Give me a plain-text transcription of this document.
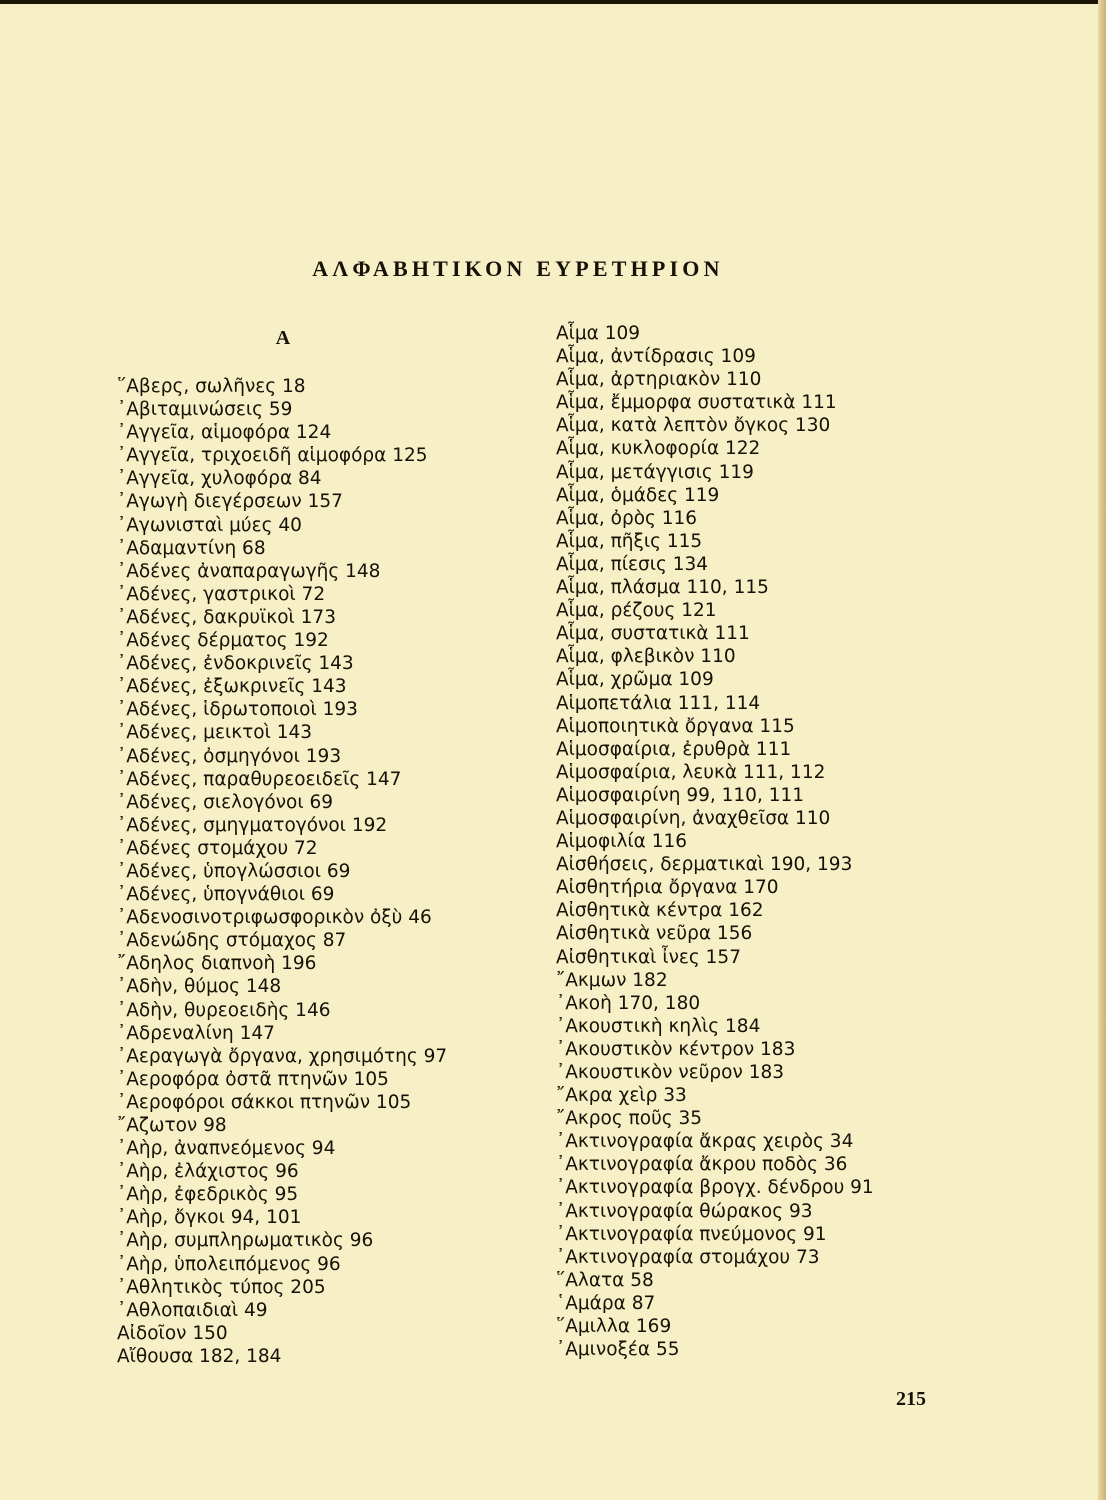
ΑΛΦΑΒΗΤΙΚΟΝ ΕΥΡΕΤΗΡΙΟΝ
Α
῞Αβερς, σωλῆνες 18
᾿Αβιταμινώσεις 59
᾿Αγγεῖα, αἱμοφόρα 124
᾿Αγγεῖα, τριχοειδῆ αἱμοφόρα 125
᾿Αγγεῖα, χυλοφόρα 84
᾿Αγωγὴ διεγέρσεων 157
᾿Αγωνισταὶ μύες 40
᾿Αδαμαντίνη 68
᾿Αδένες ἀναπαραγωγῆς 148
᾿Αδένες, γαστρικοὶ 72
᾿Αδένες, δακρυϊκοὶ 173
᾿Αδένες δέρματος 192
᾿Αδένες, ἐνδοκρινεῖς 143
᾿Αδένες, ἐξωκρινεῖς 143
᾿Αδένες, ἱδρωτοποιοὶ 193
᾿Αδένες, μεικτοὶ 143
᾿Αδένες, ὀσμηγόνοι 193
᾿Αδένες, παραθυρεοειδεῖς 147
᾿Αδένες, σιελογόνοι 69
᾿Αδένες, σμηγματογόνοι 192
᾿Αδένες στομάχου 72
᾿Αδένες, ὑπογλώσσιοι 69
᾿Αδένες, ὑπογνάθιοι 69
᾿Αδενοσινοτριφωσφορικὸν ὀξὺ 46
᾿Αδενώδης στόμαχος 87
῎Αδηλος διαπνοὴ 196
᾿Αδὴν, θύμος 148
᾿Αδὴν, θυρεοειδὴς 146
᾿Αδρεναλίνη 147
᾿Αεραγωγὰ ὄργανα, χρησιμότης 97
᾿Αεροφόρα ὀστᾶ πτηνῶν 105
᾿Αεροφόροι σάκκοι πτηνῶν 105
῎Αζωτον 98
᾿Αὴρ, ἀναπνεόμενος 94
᾿Αὴρ, ἐλάχιστος 96
᾿Αὴρ, ἐφεδρικὸς 95
᾿Αὴρ, ὄγκοι 94, 101
᾿Αὴρ, συμπληρωματικὸς 96
᾿Αὴρ, ὑπολειπόμενος 96
᾿Αθλητικὸς τύπος 205
᾿Αθλοπαιδιαὶ 49
Αἰδοῖον 150
Αἴθουσα 182, 184
Αἷμα 109
Αἷμα, ἀντίδρασις 109
Αἷμα, ἀρτηριακὸν 110
Αἷμα, ἔμμορφα συστατικὰ 111
Αἷμα, κατὰ λεπτὸν ὄγκος 130
Αἷμα, κυκλοφορία 122
Αἷμα, μετάγγισις 119
Αἷμα, ὁμάδες 119
Αἷμα, ὀρὸς 116
Αἷμα, πῆξις 115
Αἷμα, πίεσις 134
Αἷμα, πλάσμα 110, 115
Αἷμα, ρέζους 121
Αἷμα, συστατικὰ 111
Αἷμα, φλεβικὸν 110
Αἷμα, χρῶμα 109
Αἱμοπετάλια 111, 114
Αἱμοποιητικὰ ὄργανα 115
Αἱμοσφαίρια, ἐρυθρὰ 111
Αἱμοσφαίρια, λευκὰ 111, 112
Αἱμοσφαιρίνη 99, 110, 111
Αἱμοσφαιρίνη, ἀναχθεῖσα 110
Αἱμοφιλία 116
Αἰσθήσεις, δερματικαὶ 190, 193
Αἰσθητήρια ὄργανα 170
Αἰσθητικὰ κέντρα 162
Αἰσθητικὰ νεῦρα 156
Αἰσθητικαὶ ἶνες 157
῎Ακμων 182
᾿Ακοὴ 170, 180
᾿Ακουστικὴ κηλὶς 184
᾿Ακουστικὸν κέντρον 183
᾿Ακουστικὸν νεῦρον 183
῎Ακρα χεὶρ 33
῎Ακρος ποῦς 35
᾿Ακτινογραφία ἄκρας χειρὸς 34
᾿Ακτινογραφία ἄκρου ποδὸς 36
᾿Ακτινογραφία βρογχ. δένδρου 91
᾿Ακτινογραφία θώρακος 93
᾿Ακτινογραφία πνεύμονος 91
᾿Ακτινογραφία στομάχου 73
῞Αλατα 58
῾Αμάρα 87
῞Αμιλλα 169
᾿Αμινοξέα 55
215
